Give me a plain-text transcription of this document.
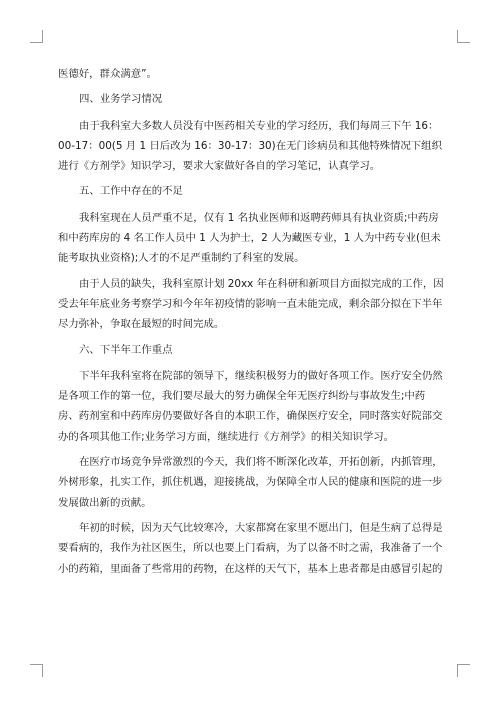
医德好，群众满意”。

四、业务学习情况

由于我科室大多数人员没有中医药相关专业的学习经历，我们每周三下午 16：00-17：00(5 月 1 日后改为 16：30-17：30)在无门诊病员和其他特殊情况下组织进行《方剂学》知识学习，要求大家做好各自的学习笔记，认真学习。

五、工作中存在的不足

我科室现在人员严重不足，仅有 1 名执业医师和返聘药师具有执业资质;中药房和中药库房的 4 名工作人员中 1 人为护士，2 人为藏医专业，1 人为中药专业(但未能考取执业资格);人才的不足严重制约了科室的发展。

由于人员的缺失，我科室原计划 20xx 年在科研和新项目方面拟完成的工作，因受去年年底业务考察学习和今年年初疫情的影响一直未能完成，剩余部分拟在下半年尽力弥补，争取在最短的时间完成。

六、下半年工作重点

下半年我科室将在院部的领导下，继续积极努力的做好各项工作。医疗安全仍然是各项工作的第一位，我们要尽最大的努力确保全年无医疗纠纷与事故发生;中药房、药剂室和中药库房仍要做好各自的本职工作，确保医疗安全，同时落实好院部交办的各项其他工作;业务学习方面，继续进行《方剂学》的相关知识学习。

在医疗市场竞争异常激烈的今天，我们将不断深化改革，开拓创新，内抓管理，外树形象，扎实工作，抓住机遇，迎接挑战，为保障全市人民的健康和医院的进一步发展做出新的贡献。

年初的时候，因为天气比较寒冷，大家都窝在家里不愿出门，但是生病了总得是要看病的，我作为社区医生，所以也要上门看病，为了以备不时之需，我准备了一个小的药箱，里面备了些常用的药物，在这样的天气下，基本上患者都是由感冒引起的
